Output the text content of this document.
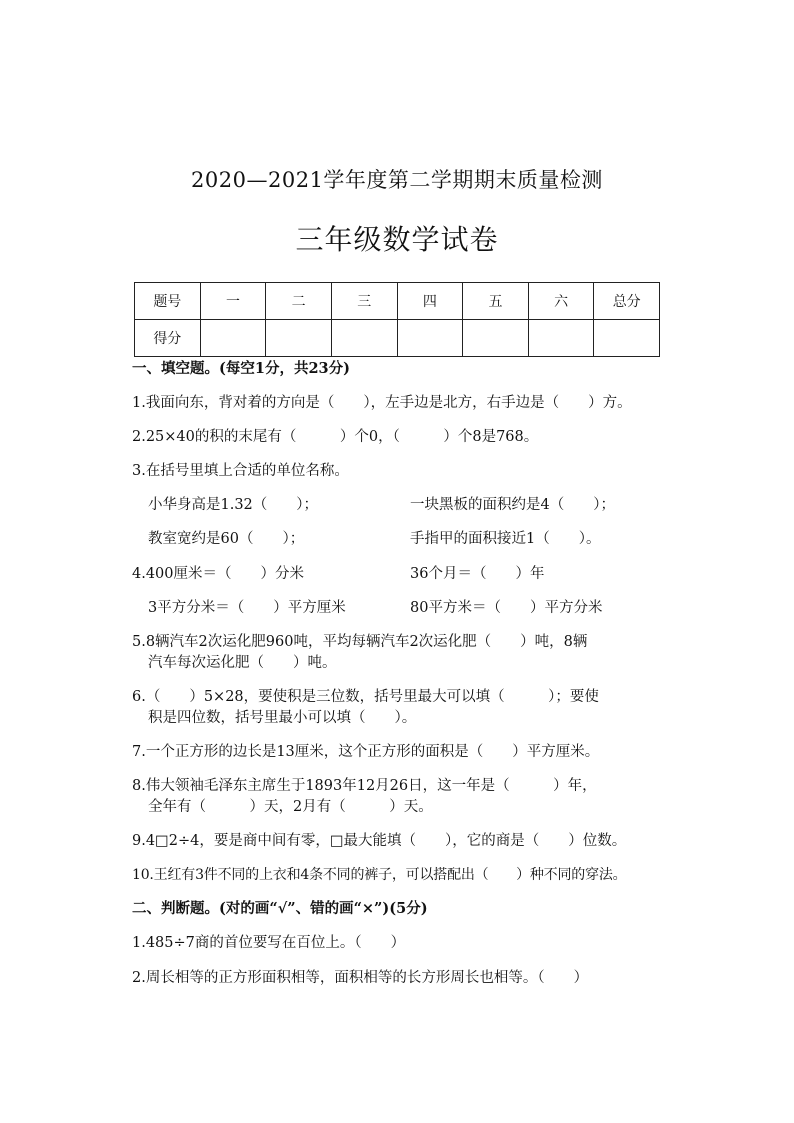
2020—2021学年度第二学期期末质量检测
三年级数学试卷
题号	一	二	三	四	五	六	总分
得分							
一、填空题。(每空1分，共23分)
1.我面向东，背对着的方向是（　　），左手边是北方，右手边是（　　）方。
2.25×40的积的末尾有（　　　）个0，（　　　）个8是768。
3.在括号里填上合适的单位名称。
小华身高是1.32（　　）；	一块黑板的面积约是4（　　）；
教室宽约是60（　　）；	手指甲的面积接近1（　　）。
4.400厘米＝（　　）分米	36个月＝（　　）年
3平方分米＝（　　）平方厘米	80平方米＝（　　）平方分米
5.8辆汽车2次运化肥960吨，平均每辆汽车2次运化肥（　　）吨，8辆
汽车每次运化肥（　　）吨。
6.（　　）5×28，要使积是三位数，括号里最大可以填（　　　）；要使
积是四位数，括号里最小可以填（　　）。
7.一个正方形的边长是13厘米，这个正方形的面积是（　　）平方厘米。
8.伟大领袖毛泽东主席生于1893年12月26日，这一年是（　　　）年，
全年有（　　　）天，2月有（　　　）天。
9.4□2÷4，要是商中间有零，□最大能填（　　），它的商是（　　）位数。
10.王红有3件不同的上衣和4条不同的裤子，可以搭配出（　　）种不同的穿法。
二、判断题。(对的画“√”、错的画“×”)(5分)
1.485÷7商的首位要写在百位上。（　　）
2.周长相等的正方形面积相等，面积相等的长方形周长也相等。（　　）
